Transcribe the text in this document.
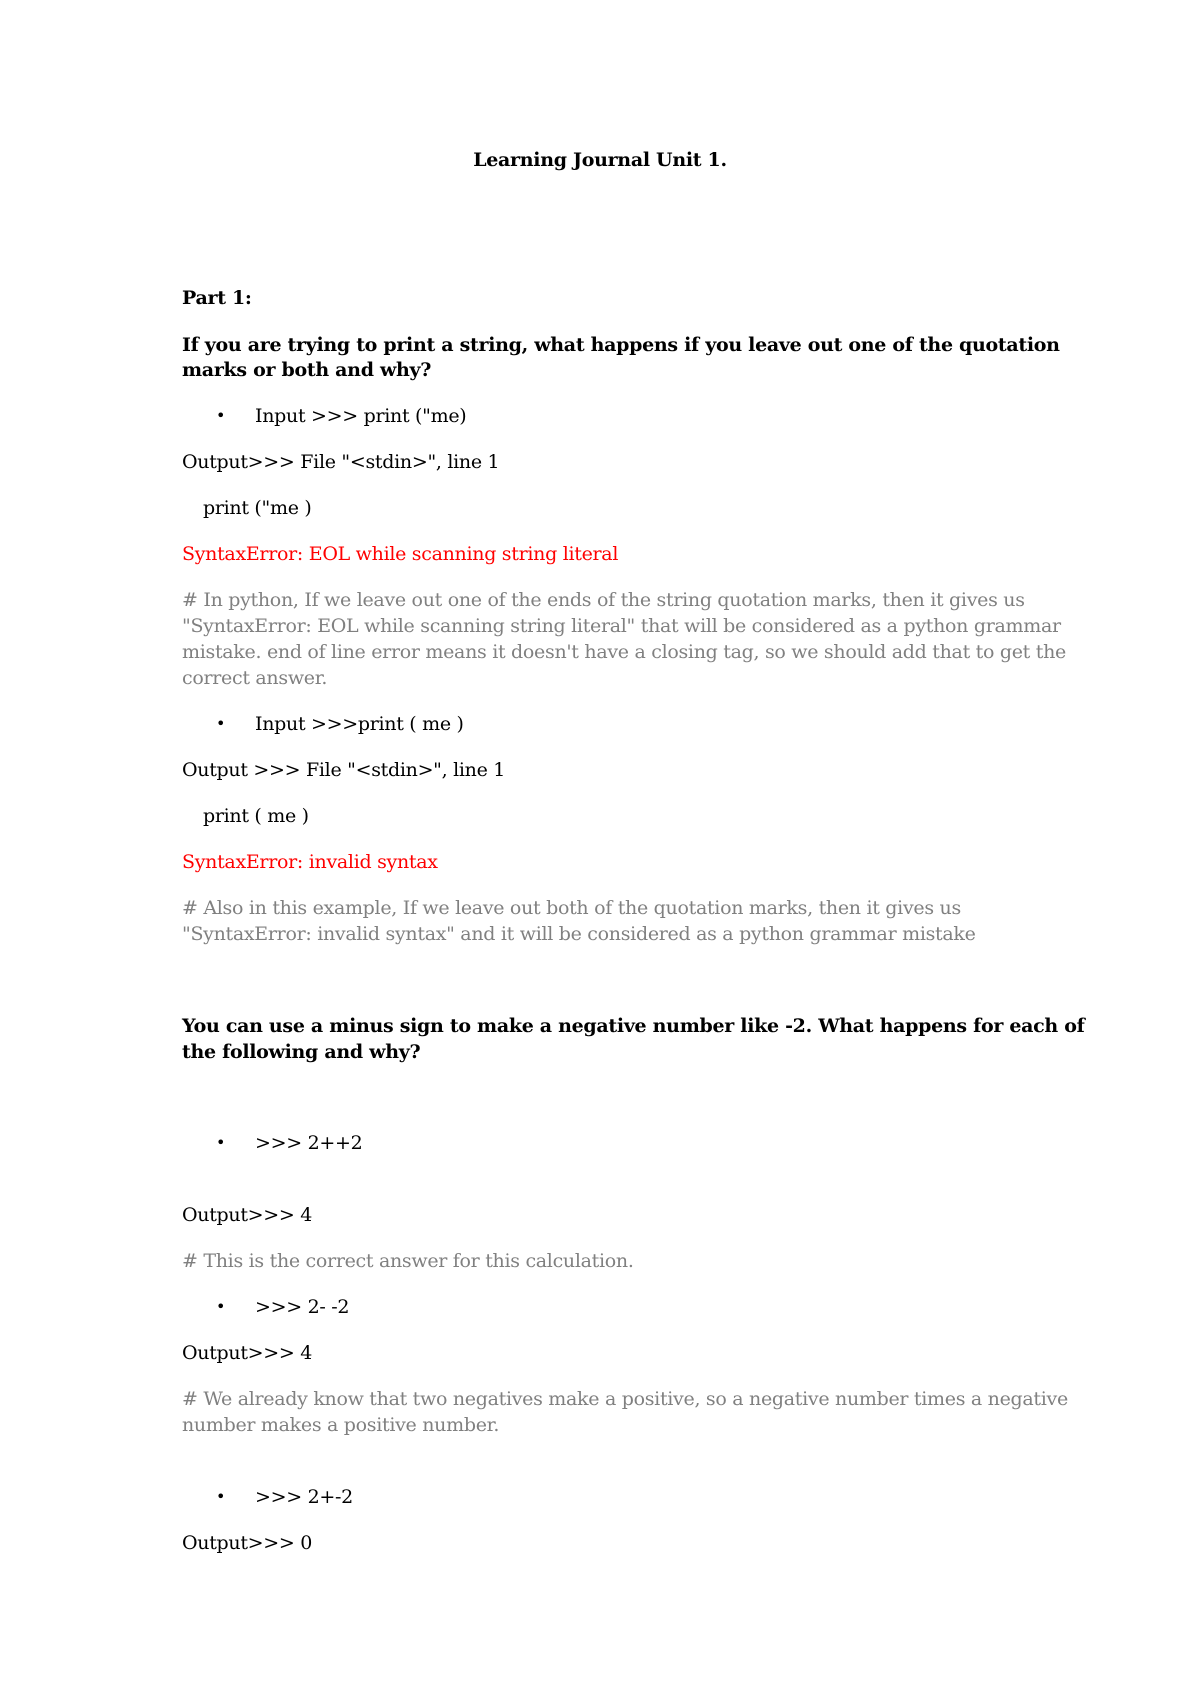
Learning Journal Unit 1.
Part 1:
If you are trying to print a string, what happens if you leave out one of the quotation
marks or both and why?
• Input >>> print ("me)
Output>>> File "<stdin>", line 1
print ("me )
SyntaxError: EOL while scanning string literal
# In python, If we leave out one of the ends of the string quotation marks, then it gives us
"SyntaxError: EOL while scanning string literal" that will be considered as a python grammar
mistake. end of line error means it doesn't have a closing tag, so we should add that to get the
correct answer.
• Input >>>print ( me )
Output >>> File "<stdin>", line 1
print ( me )
SyntaxError: invalid syntax
# Also in this example, If we leave out both of the quotation marks, then it gives us
"SyntaxError: invalid syntax" and it will be considered as a python grammar mistake
You can use a minus sign to make a negative number like -2. What happens for each of
the following and why?
• >>> 2++2
Output>>> 4
# This is the correct answer for this calculation.
• >>> 2- -2
Output>>> 4
# We already know that two negatives make a positive, so a negative number times a negative
number makes a positive number.
• >>> 2+-2
Output>>> 0
